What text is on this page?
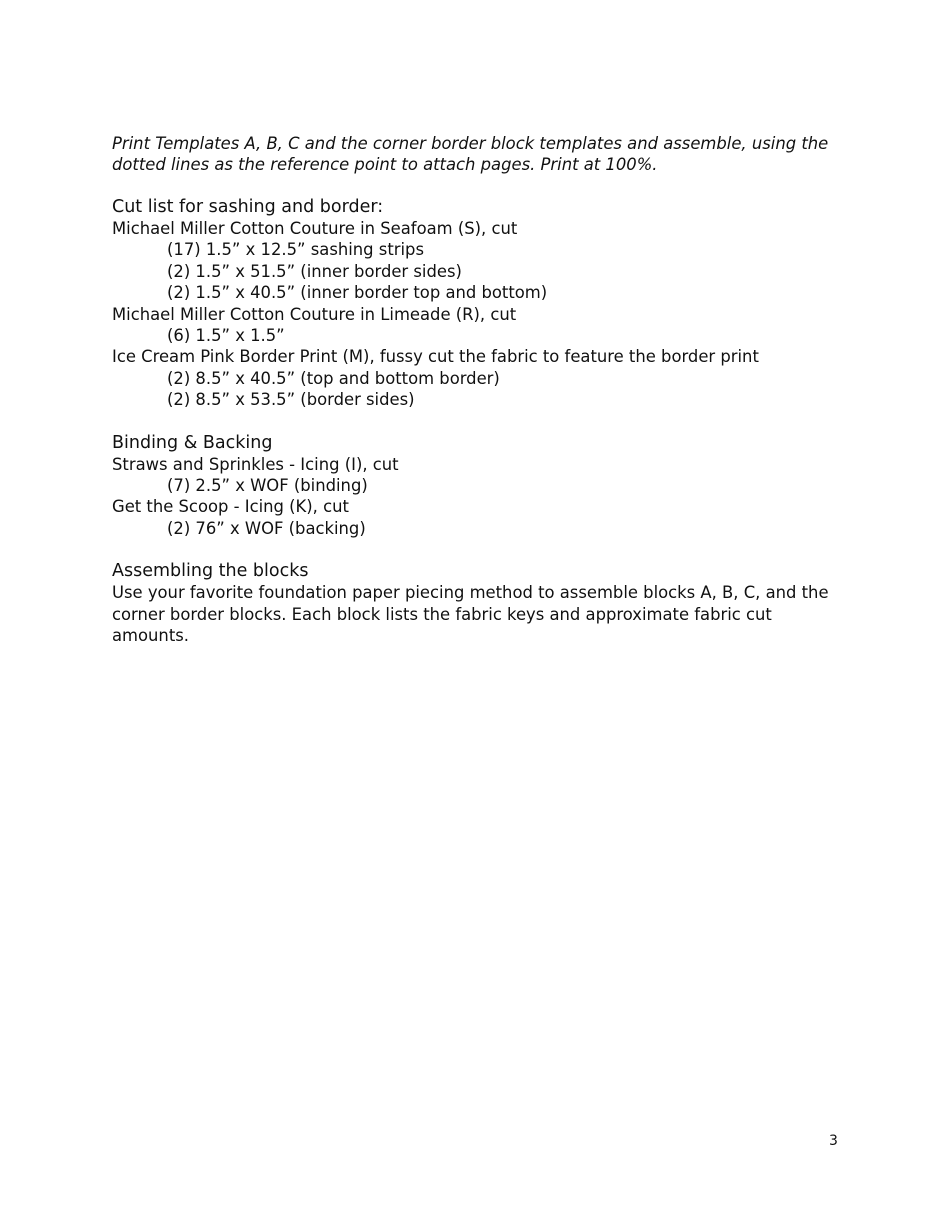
Print Templates A, B, C and the corner border block templates and assemble, using the dotted lines as the reference point to attach pages. Print at 100%.

Cut list for sashing and border:

Michael Miller Cotton Couture in Seafoam (S), cut

(17) 1.5” x 12.5” sashing strips

(2) 1.5” x 51.5” (inner border sides)

(2) 1.5” x 40.5” (inner border top and bottom)

Michael Miller Cotton Couture in Limeade (R), cut

(6) 1.5” x 1.5”

Ice Cream Pink Border Print (M), fussy cut the fabric to feature the border print

(2) 8.5” x 40.5” (top and bottom border)

(2) 8.5” x 53.5” (border sides)

Binding & Backing

Straws and Sprinkles - Icing (I), cut

(7) 2.5” x WOF (binding)

Get the Scoop - Icing (K), cut

(2) 76” x WOF (backing)

Assembling the blocks

Use your favorite foundation paper piecing method to assemble blocks A, B, C, and the corner border blocks. Each block lists the fabric keys and approximate fabric cut amounts.

3
